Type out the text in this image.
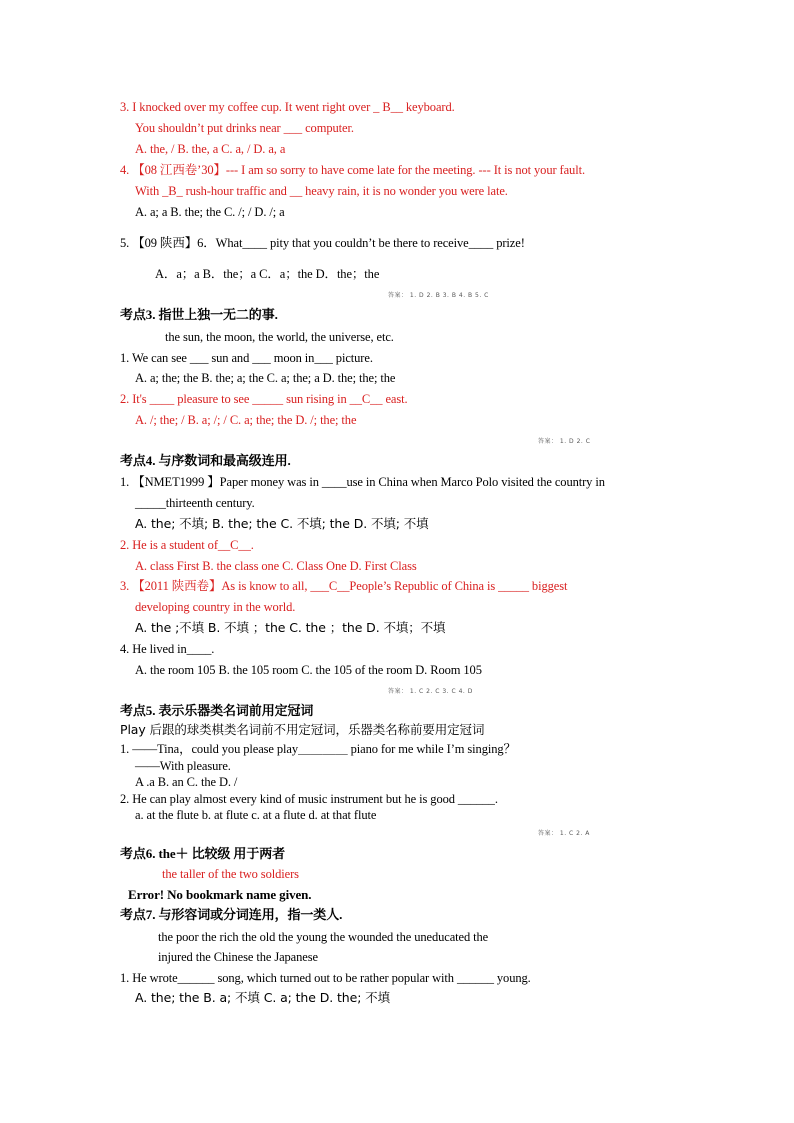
3. I knocked over my coffee cup. It went right over _ B__ keyboard.
You shouldn’t put drinks near ___ computer.
A. the, / B. the, a C. a, / D. a, a
4. 【08 江西卷’30】--- I am so sorry to have come late for the meeting. --- It is not your fault.
With _B_ rush-hour traffic and __ heavy rain, it is no wonder you were late.
A. a; a B. the; the C. /; / D. /; a
5. 【09 陕西】6．What____ pity that you couldn’t be there to receive____ prize!
A．a；a B．the；a C．a；the D．the；the
考点3. 指世上独一无二的事.
the sun, the moon, the world, the universe, etc.
1. We can see ___ sun and ___ moon in___ picture.
A. a; the; the B. the; a; the C. a; the; a D. the; the; the
2. It's ____ pleasure to see _____ sun rising in __C__ east.
A. /; the; / B. a; /; / C. a; the; the D. /; the; the
考点4. 与序数词和最高级连用.
1. 【NMET1999 】Paper money was in ____use in China when Marco Polo visited the country in
_____thirteenth century.
A. the; 不填; B. the; the C. 不填; the D. 不填; 不填
2. He is a student of__C__.
A. class First B. the class one C. Class One D. First Class
3. 【2011 陕西卷】As is know to all, ___C__People’s Republic of China is _____ biggest
developing country in the world.
A. the ;不填 B. 不填 ；the C. the ；the D. 不填；不填
4. He lived in____.
A. the room 105 B. the 105 room C. the 105 of the room D. Room 105
考点5. 表示乐器类名词前用定冠词
Play 后跟的球类棋类名词前不用定冠词，乐器类名称前要用定冠词
1. ——Tina，could you please play＿＿＿＿ piano for me while I’m singing？
——With pleasure.
A .a B. an C. the D. /
2. He can play almost every kind of music instrument but he is good ______.
a. at the flute b. at flute c. at a flute d. at that flute
考点6. the＋ 比较级 用于两者
the taller of the two soldiers
Error! No bookmark name given.
考点7. 与形容词或分词连用，指一类人.
the poor the rich the old the young the wounded the uneducated the
injured the Chinese the Japanese
1. He wrote______ song, which turned out to be rather popular with ______ young.
A. the; the B. a; 不填 C. a; the D. the; 不填
答案： 1. D 2. B 3. B 4. B 5. C
答案： 1. D 2. C
答案： 1. C 2. C 3. C 4. D
答案： 1. C 2. A
